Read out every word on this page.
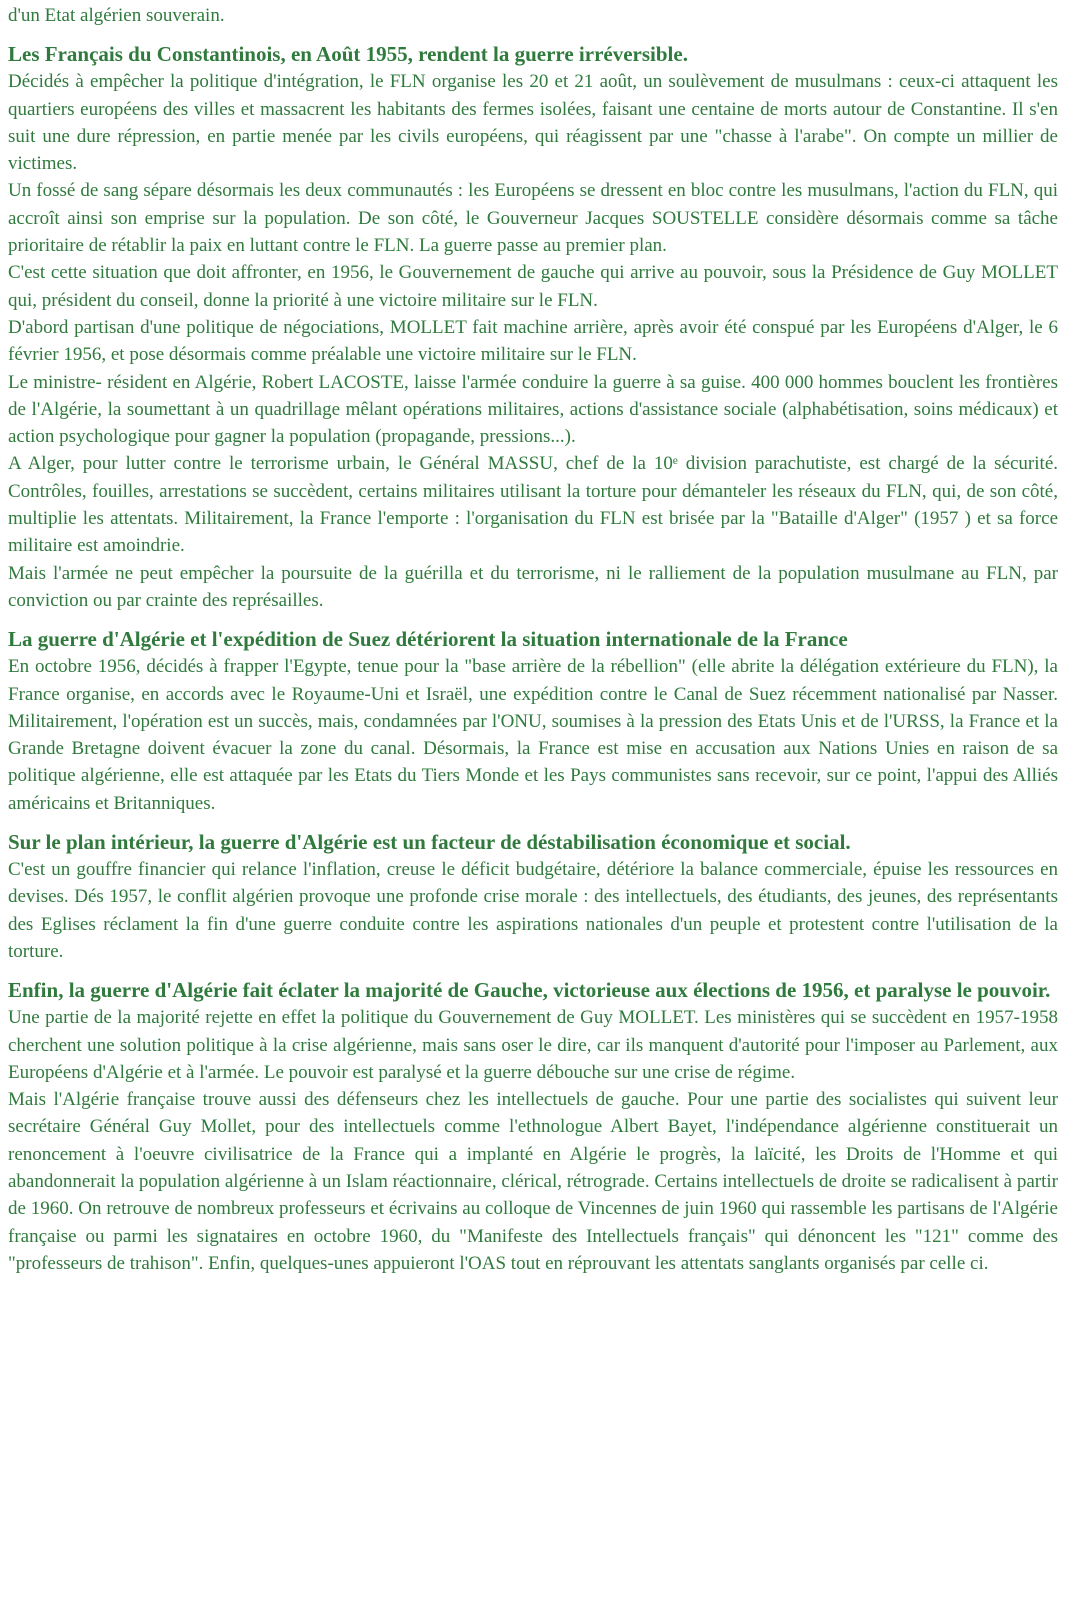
d'un Etat algérien souverain.

Les Français du Constantinois, en Août 1955, rendent la guerre irréversible.

Décidés à empêcher la politique d'intégration, le FLN organise les 20 et 21 août, un soulèvement de musulmans : ceux-ci attaquent les quartiers européens des villes et massacrent les habitants des fermes isolées, faisant une centaine de morts autour de Constantine. Il s'en suit une dure répression, en partie menée par les civils européens, qui réagissent par une "chasse à l'arabe". On compte un millier de victimes.

Un fossé de sang sépare désormais les deux communautés : les Européens se dressent en bloc contre les musulmans, l'action du FLN, qui accroît ainsi son emprise sur la population. De son côté, le Gouverneur Jacques SOUSTELLE considère désormais comme sa tâche prioritaire de rétablir la paix en luttant contre le FLN. La guerre passe au premier plan.

C'est cette situation que doit affronter, en 1956, le Gouvernement de gauche qui arrive au pouvoir, sous la Présidence de Guy MOLLET qui, président du conseil, donne la priorité à une victoire militaire sur le FLN.

D'abord partisan d'une politique de négociations, MOLLET fait machine arrière, après avoir été conspué par les Européens d'Alger, le 6 février 1956, et pose désormais comme préalable une victoire militaire sur le FLN.

Le ministre- résident en Algérie, Robert LACOSTE, laisse l'armée conduire la guerre à sa guise. 400 000 hommes bouclent les frontières de l'Algérie, la soumettant à un quadrillage mêlant opérations militaires, actions d'assistance sociale (alphabétisation, soins médicaux) et action psychologique pour gagner la population (propagande, pressions...).

A Alger, pour lutter contre le terrorisme urbain, le Général MASSU, chef de la 10ᵉ division parachutiste, est chargé de la sécurité. Contrôles, fouilles, arrestations se succèdent, certains militaires utilisant la torture pour démanteler les réseaux du FLN, qui, de son côté, multiplie les attentats. Militairement, la France l'emporte : l'organisation du FLN est brisée par la "Bataille d'Alger" (1957 ) et sa force militaire est amoindrie.

Mais l'armée ne peut empêcher la poursuite de la guérilla et du terrorisme, ni le ralliement de la population musulmane au FLN, par conviction ou par crainte des représailles.

La guerre d'Algérie et l'expédition de Suez détériorent la situation internationale de la France

En octobre 1956, décidés à frapper l'Egypte, tenue pour la "base arrière de la rébellion" (elle abrite la délégation extérieure du FLN), la France organise, en accords avec le Royaume-Uni et Israël, une expédition contre le Canal de Suez récemment nationalisé par Nasser. Militairement, l'opération est un succès, mais, condamnées par l'ONU, soumises à la pression des Etats Unis et de l'URSS, la France et la Grande Bretagne doivent évacuer la zone du canal. Désormais, la France est mise en accusation aux Nations Unies en raison de sa politique algérienne, elle est attaquée par les Etats du Tiers Monde et les Pays communistes sans recevoir, sur ce point, l'appui des Alliés américains et Britanniques.

Sur le plan intérieur, la guerre d'Algérie est un facteur de déstabilisation économique et social.

C'est un gouffre financier qui relance l'inflation, creuse le déficit budgétaire, détériore la balance commerciale, épuise les ressources en devises. Dés 1957, le conflit algérien provoque une profonde crise morale : des intellectuels, des étudiants, des jeunes, des représentants des Eglises réclament la fin d'une guerre conduite contre les aspirations nationales d'un peuple et protestent contre l'utilisation de la torture.

Enfin, la guerre d'Algérie fait éclater la majorité de Gauche, victorieuse aux élections de 1956, et paralyse le pouvoir.

Une partie de la majorité rejette en effet la politique du Gouvernement de Guy MOLLET. Les ministères qui se succèdent en 1957-1958 cherchent une solution politique à la crise algérienne, mais sans oser le dire, car ils manquent d'autorité pour l'imposer au Parlement, aux Européens d'Algérie et à l'armée. Le pouvoir est paralysé et la guerre débouche sur une crise de régime.

Mais l'Algérie française trouve aussi des défenseurs chez les intellectuels de gauche. Pour une partie des socialistes qui suivent leur secrétaire Général Guy Mollet, pour des intellectuels comme l'ethnologue Albert Bayet, l'indépendance algérienne constituerait un renoncement à l'oeuvre civilisatrice de la France qui a implanté en Algérie le progrès, la laïcité, les Droits de l'Homme et qui abandonnerait la population algérienne à un Islam réactionnaire, clérical, rétrograde. Certains intellectuels de droite se radicalisent à partir de 1960. On retrouve de nombreux professeurs et écrivains au colloque de Vincennes de juin 1960 qui rassemble les partisans de l'Algérie française ou parmi les signataires en octobre 1960, du "Manifeste des Intellectuels français" qui dénoncent les "121" comme des "professeurs de trahison". Enfin, quelques-unes appuieront l'OAS tout en réprouvant les attentats sanglants organisés par celle ci.
